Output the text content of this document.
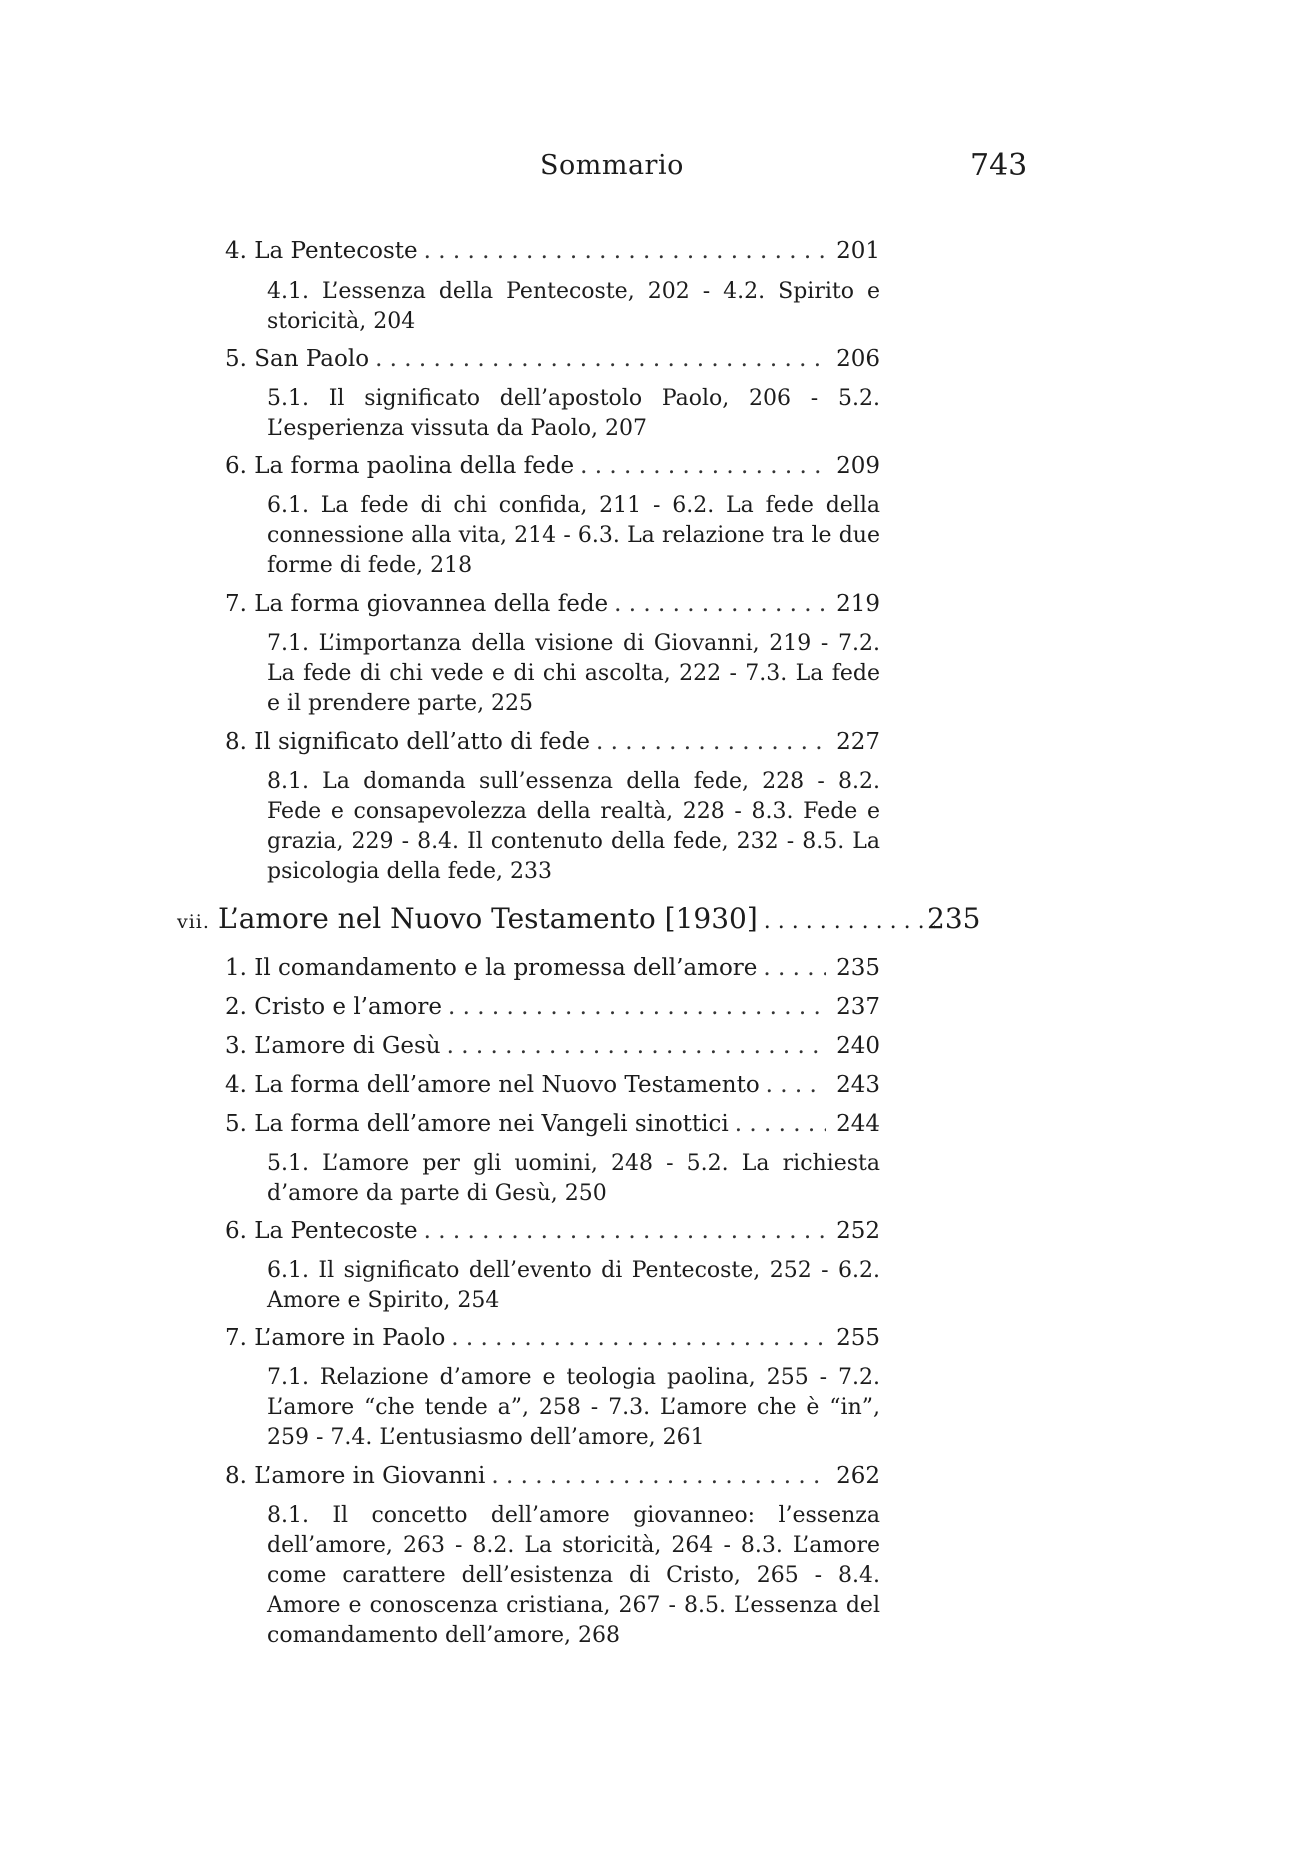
Sommario	743
4. La Pentecoste . . .	201
4.1. L’essenza della Pentecoste, 202 - 4.2. Spirito e storicità, 204
5. San Paolo . . .	206
5.1. Il significato dell’apostolo Paolo, 206 - 5.2. L’esperienza vissuta da Paolo, 207
6. La forma paolina della fede . . .	209
6.1. La fede di chi confida, 211 - 6.2. La fede della connessione alla vita, 214 - 6.3. La relazione tra le due forme di fede, 218
7. La forma giovannea della fede . . .	219
7.1. L’importanza della visione di Giovanni, 219 - 7.2. La fede di chi vede e di chi ascolta, 222 - 7.3. La fede e il prendere parte, 225
8. Il significato dell’atto di fede . . .	227
8.1. La domanda sull’essenza della fede, 228 - 8.2. Fede e consapevolezza della realtà, 228 - 8.3. Fede e grazia, 229 - 8.4. Il contenuto della fede, 232 - 8.5. La psicologia della fede, 233
vii. L’amore nel Nuovo Testamento [1930] . . .	235
1. Il comandamento e la promessa dell’amore . . .	235
2. Cristo e l’amore . . .	237
3. L’amore di Gesù . . .	240
4. La forma dell’amore nel Nuovo Testamento . . .	243
5. La forma dell’amore nei Vangeli sinottici . . .	244
5.1. L’amore per gli uomini, 248 - 5.2. La richiesta d’amore da parte di Gesù, 250
6. La Pentecoste . . .	252
6.1. Il significato dell’evento di Pentecoste, 252 - 6.2. Amore e Spirito, 254
7. L’amore in Paolo . . .	255
7.1. Relazione d’amore e teologia paolina, 255 - 7.2. L’amore “che tende a”, 258 - 7.3. L’amore che è “in”, 259 - 7.4. L’entusiasmo dell’amore, 261
8. L’amore in Giovanni . . .	262
8.1. Il concetto dell’amore giovanneo: l’essenza dell’amore, 263 - 8.2. La storicità, 264 - 8.3. L’amore come carattere dell’esistenza di Cristo, 265 - 8.4. Amore e conoscenza cristiana, 267 - 8.5. L’essenza del comandamento dell’amore, 268
